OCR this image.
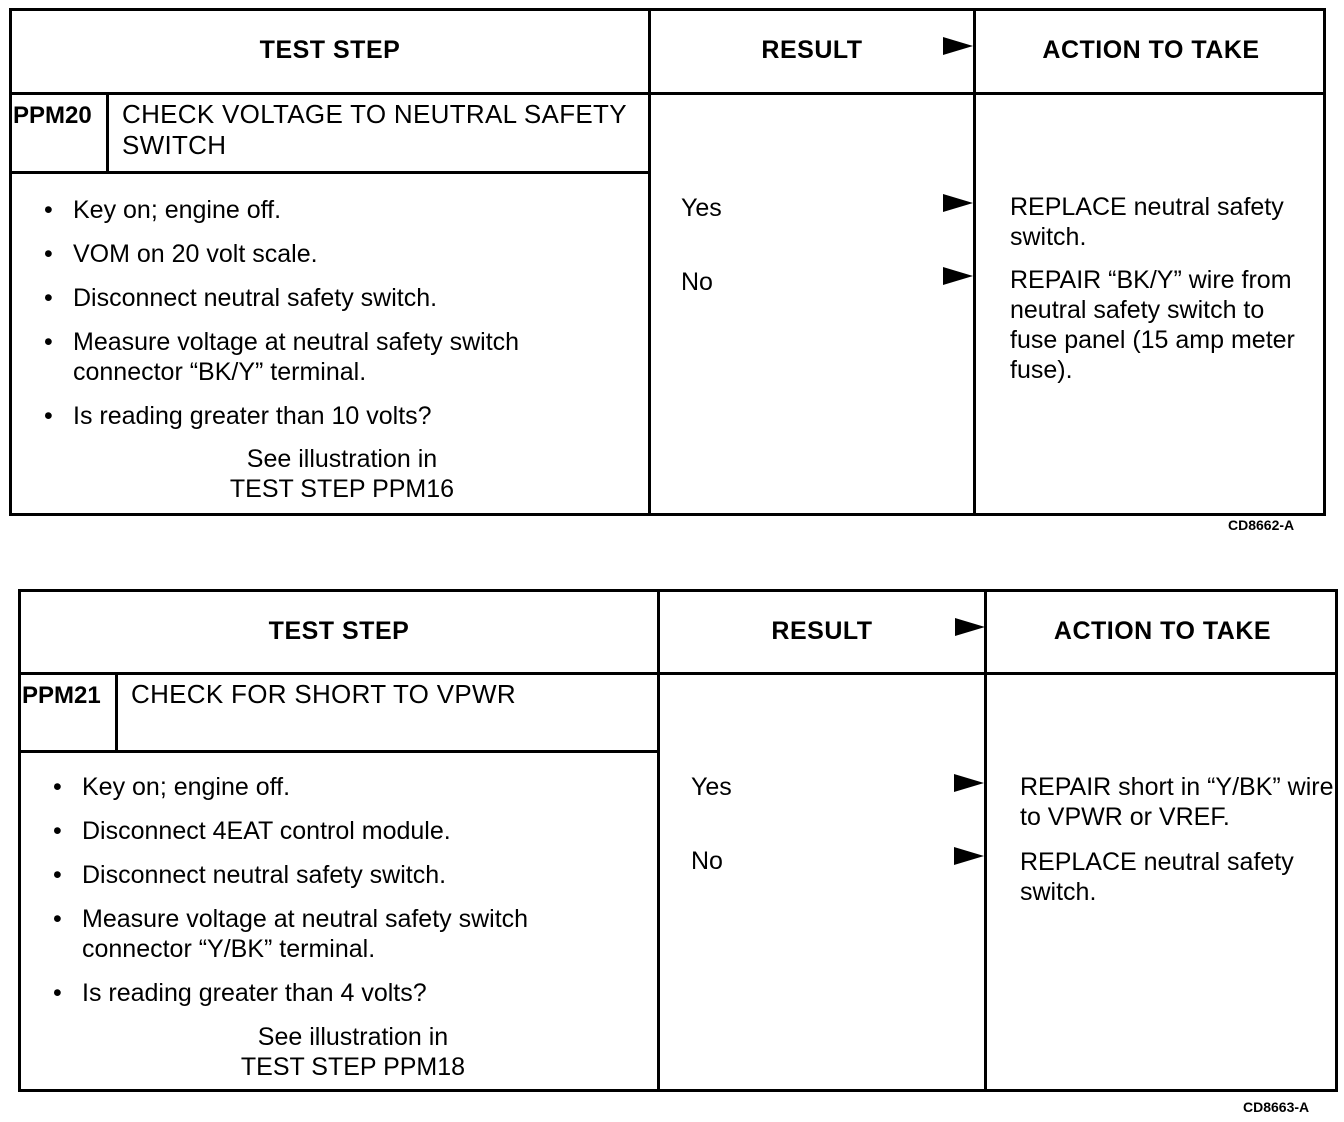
TEST STEP	RESULT	ACTION TO TAKE
PPM20 CHECK VOLTAGE TO NEUTRAL SAFETY
SWITCH
• Key on; engine off.
• VOM on 20 volt scale.
• Disconnect neutral safety switch.
• Measure voltage at neutral safety switch connector “BK/Y” terminal.
• Is reading greater than 10 volts?
See illustration in
TEST STEP PPM16
Yes	REPLACE neutral safety switch.
No	REPAIR “BK/Y” wire from neutral safety switch to fuse panel (15 amp meter fuse).
CD8662-A
TEST STEP	RESULT	ACTION TO TAKE
PPM21 CHECK FOR SHORT TO VPWR
• Key on; engine off.
• Disconnect 4EAT control module.
• Disconnect neutral safety switch.
• Measure voltage at neutral safety switch connector “Y/BK” terminal.
• Is reading greater than 4 volts?
See illustration in
TEST STEP PPM18
Yes	REPAIR short in “Y/BK” wire to VPWR or VREF.
No	REPLACE neutral safety switch.
CD8663-A
